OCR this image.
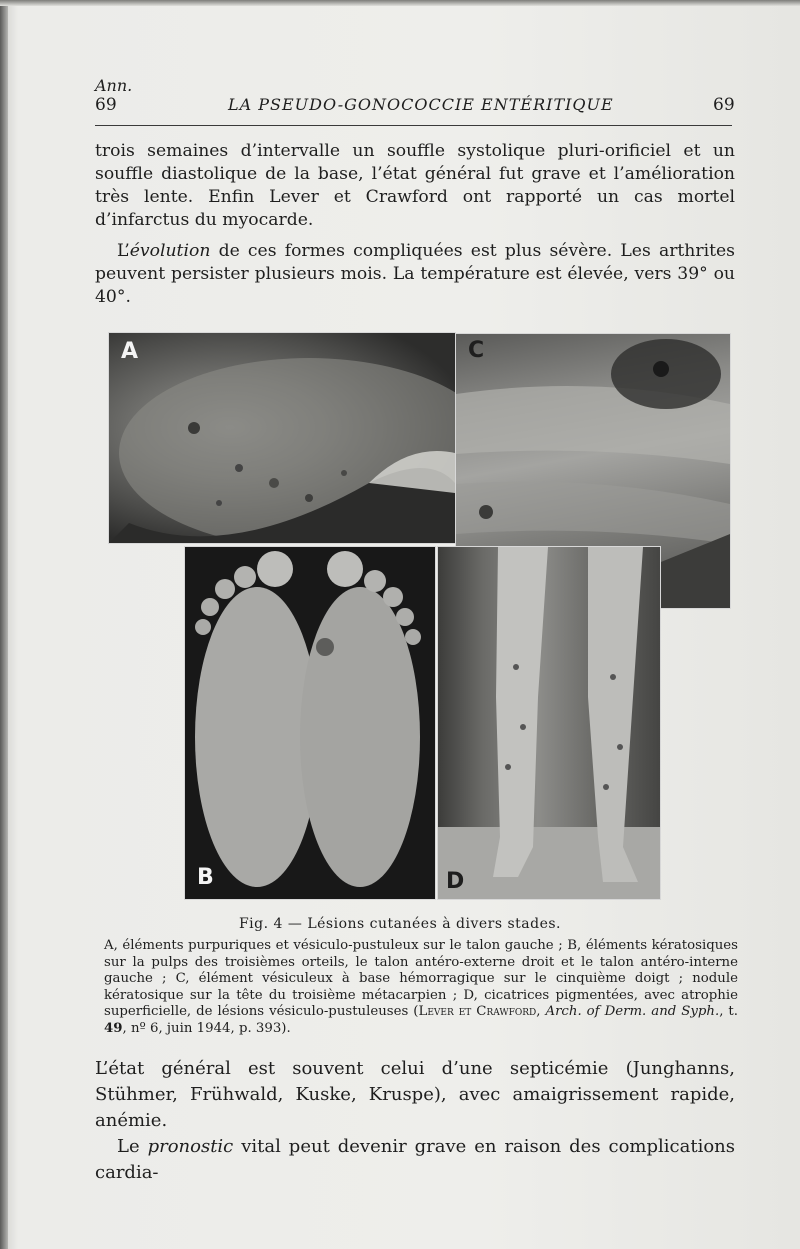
Ann.
69	LA PSEUDO-GONOCOCCIE ENTÉRITIQUE	69

trois semaines d’intervalle un souffle systolique pluri-orificiel et un souffle diastolique de la base, l’état général fut grave et l’amélioration très lente. Enfin Lever et Crawford ont rapporté un cas mortel d’infarctus du myocarde.

L’évolution de ces formes compliquées est plus sévère. Les arthrites peuvent persister plusieurs mois. La température est élevée, vers 39° ou 40°.

A	C
B	D
Fig. 4 — Lésions cutanées à divers stades.

A, éléments purpuriques et vésiculo-pustuleux sur le talon gauche ; B, éléments kératosiques sur la pulps des troisièmes orteils, le talon antéro-externe droit et le talon antéro-interne gauche ; C, élément vésiculeux à base hémorragique sur le cinquième doigt ; nodule kératosique sur la tête du troisième métacarpien ; D, cicatrices pigmentées, avec atrophie superficielle, de lésions vésiculo-pustuleuses (Lever et Crawford, Arch. of Derm. and Syph., t. 49, nº 6, juin 1944, p. 393).

L’état général est souvent celui d’une septicémie (Junghanns, Stühmer, Frühwald, Kuske, Kruspe), avec amaigrissement rapide, anémie.
Le pronostic vital peut devenir grave en raison des complications cardia-
